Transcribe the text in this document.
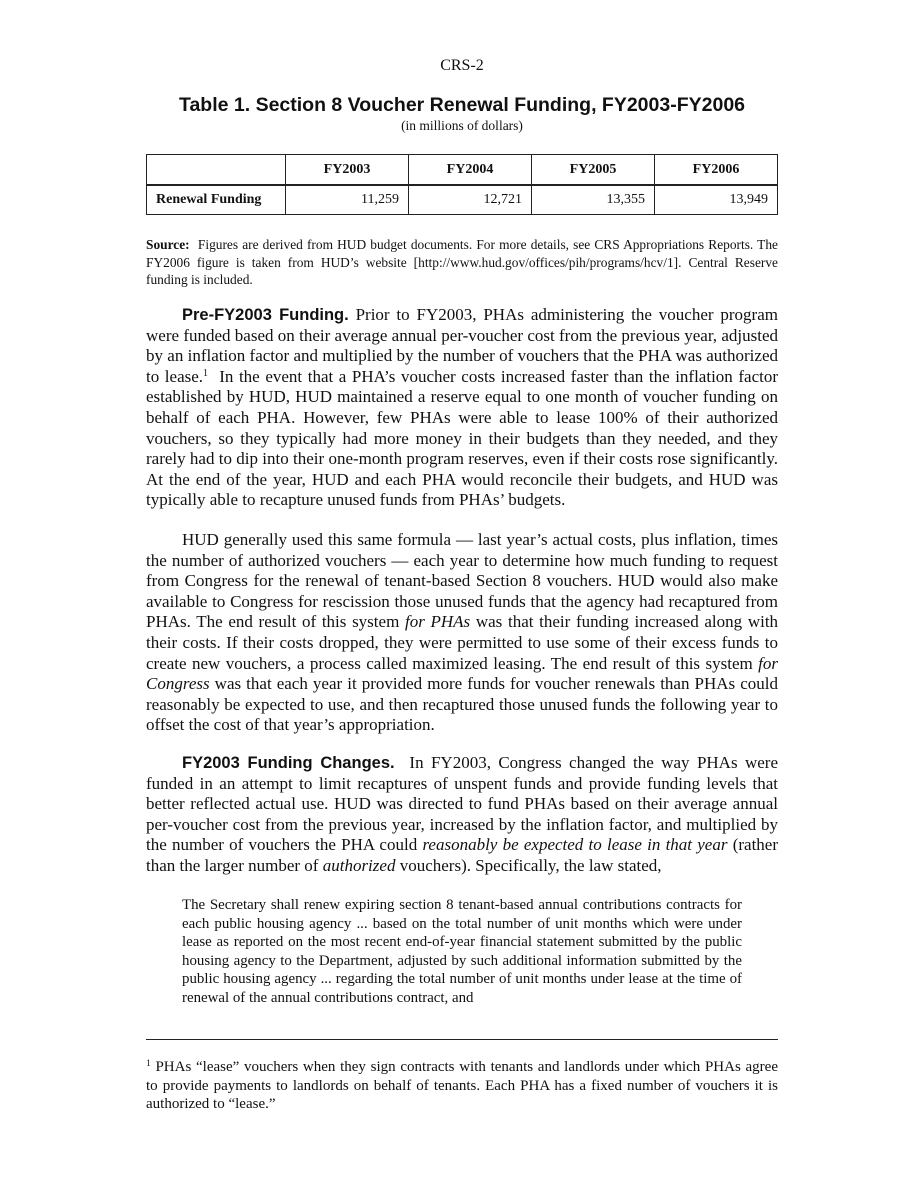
CRS-2
Table 1. Section 8 Voucher Renewal Funding, FY2003-FY2006
(in millions of dollars)
	FY2003	FY2004	FY2005	FY2006
Renewal Funding	11,259	12,721	13,355	13,949
Source: Figures are derived from HUD budget documents. For more details, see CRS Appropriations Reports. The FY2006 figure is taken from HUD’s website [http://www.hud.gov/offices/pih/programs/hcv/1]. Central Reserve funding is included.

Pre-FY2003 Funding. Prior to FY2003, PHAs administering the voucher program were funded based on their average annual per-voucher cost from the previous year, adjusted by an inflation factor and multiplied by the number of vouchers that the PHA was authorized to lease.$^1$ In the event that a PHA’s voucher costs increased faster than the inflation factor established by HUD, HUD maintained a reserve equal to one month of voucher funding on behalf of each PHA. However, few PHAs were able to lease 100% of their authorized vouchers, so they typically had more money in their budgets than they needed, and they rarely had to dip into their one-month program reserves, even if their costs rose significantly. At the end of the year, HUD and each PHA would reconcile their budgets, and HUD was typically able to recapture unused funds from PHAs’ budgets.

HUD generally used this same formula — last year’s actual costs, plus inflation, times the number of authorized vouchers — each year to determine how much funding to request from Congress for the renewal of tenant-based Section 8 vouchers. HUD would also make available to Congress for rescission those unused funds that the agency had recaptured from PHAs. The end result of this system for PHAs was that their funding increased along with their costs. If their costs dropped, they were permitted to use some of their excess funds to create new vouchers, a process called maximized leasing. The end result of this system for Congress was that each year it provided more funds for voucher renewals than PHAs could reasonably be expected to use, and then recaptured those unused funds the following year to offset the cost of that year’s appropriation.

FY2003 Funding Changes. In FY2003, Congress changed the way PHAs were funded in an attempt to limit recaptures of unspent funds and provide funding levels that better reflected actual use. HUD was directed to fund PHAs based on their average annual per-voucher cost from the previous year, increased by the inflation factor, and multiplied by the number of vouchers the PHA could reasonably be expected to lease in that year (rather than the larger number of authorized vouchers). Specifically, the law stated,

The Secretary shall renew expiring section 8 tenant-based annual contributions contracts for each public housing agency ... based on the total number of unit months which were under lease as reported on the most recent end-of-year financial statement submitted by the public housing agency to the Department, adjusted by such additional information submitted by the public housing agency ... regarding the total number of unit months under lease at the time of renewal of the annual contributions contract, and
$^1$ PHAs “lease” vouchers when they sign contracts with tenants and landlords under which PHAs agree to provide payments to landlords on behalf of tenants. Each PHA has a fixed number of vouchers it is authorized to “lease.”
